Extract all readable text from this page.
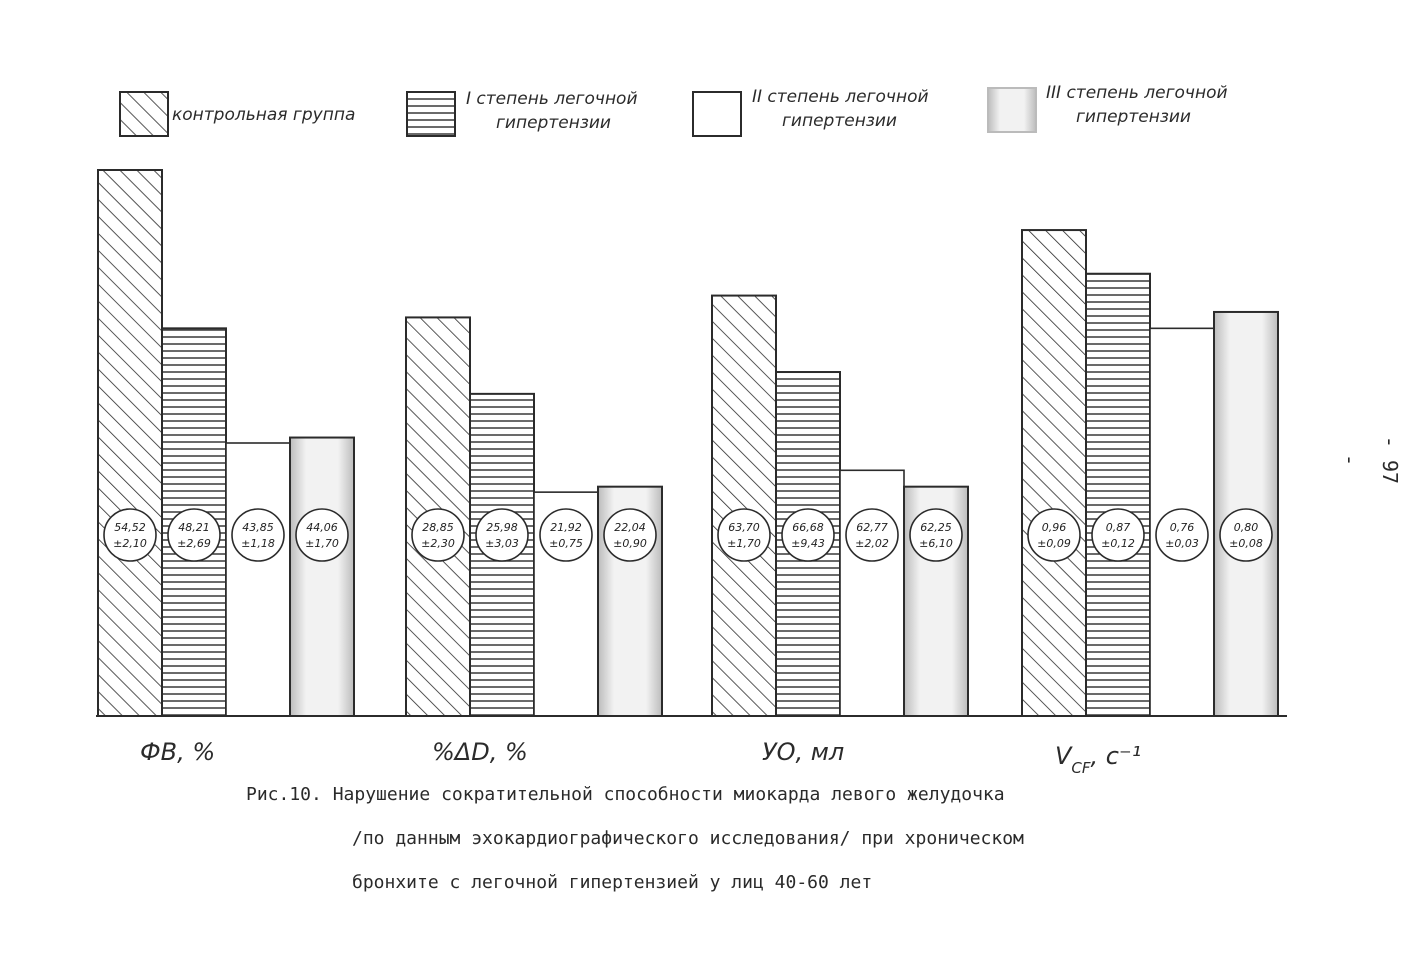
контрольная группа
I степень легочной
гипертензии
II степень легочной
гипертензии
III степень легочной
гипертензии
54,52
±2,10
28,85
±2,30
63,70
±1,70
0,96
±0,09
48,21
±2,69
25,98
±3,03
66,68
±9,43
0,87
±0,12
43,85
±1,18
21,92
±0,75
62,77
±2,02
0,76
±0,03
44,06
±1,70
22,04
±0,90
62,25
±6,10
0,80
±0,08
ФВ, %	%ΔD, %	УО, мл	$V_{CF}$, c⁻¹
Рис.10. Нарушение сократительной способности миокарда левого желудочка
/по данным эхокардиографического исследования/ при хроническом
бронхите с легочной гипертензией у лиц 40-60 лет
- 97 -
